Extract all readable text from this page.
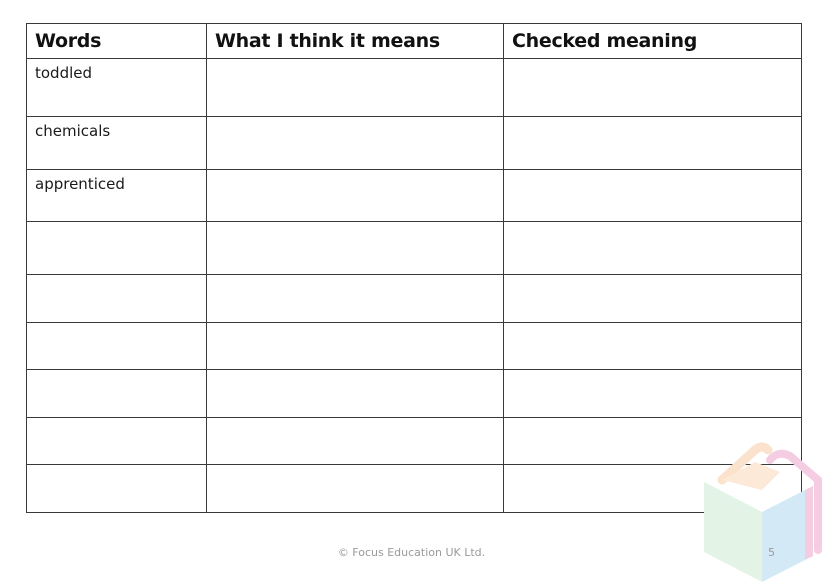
Words	What I think it means	Checked meaning
toddled		
chemicals		
apprenticed		

© Focus Education UK Ltd.	5
